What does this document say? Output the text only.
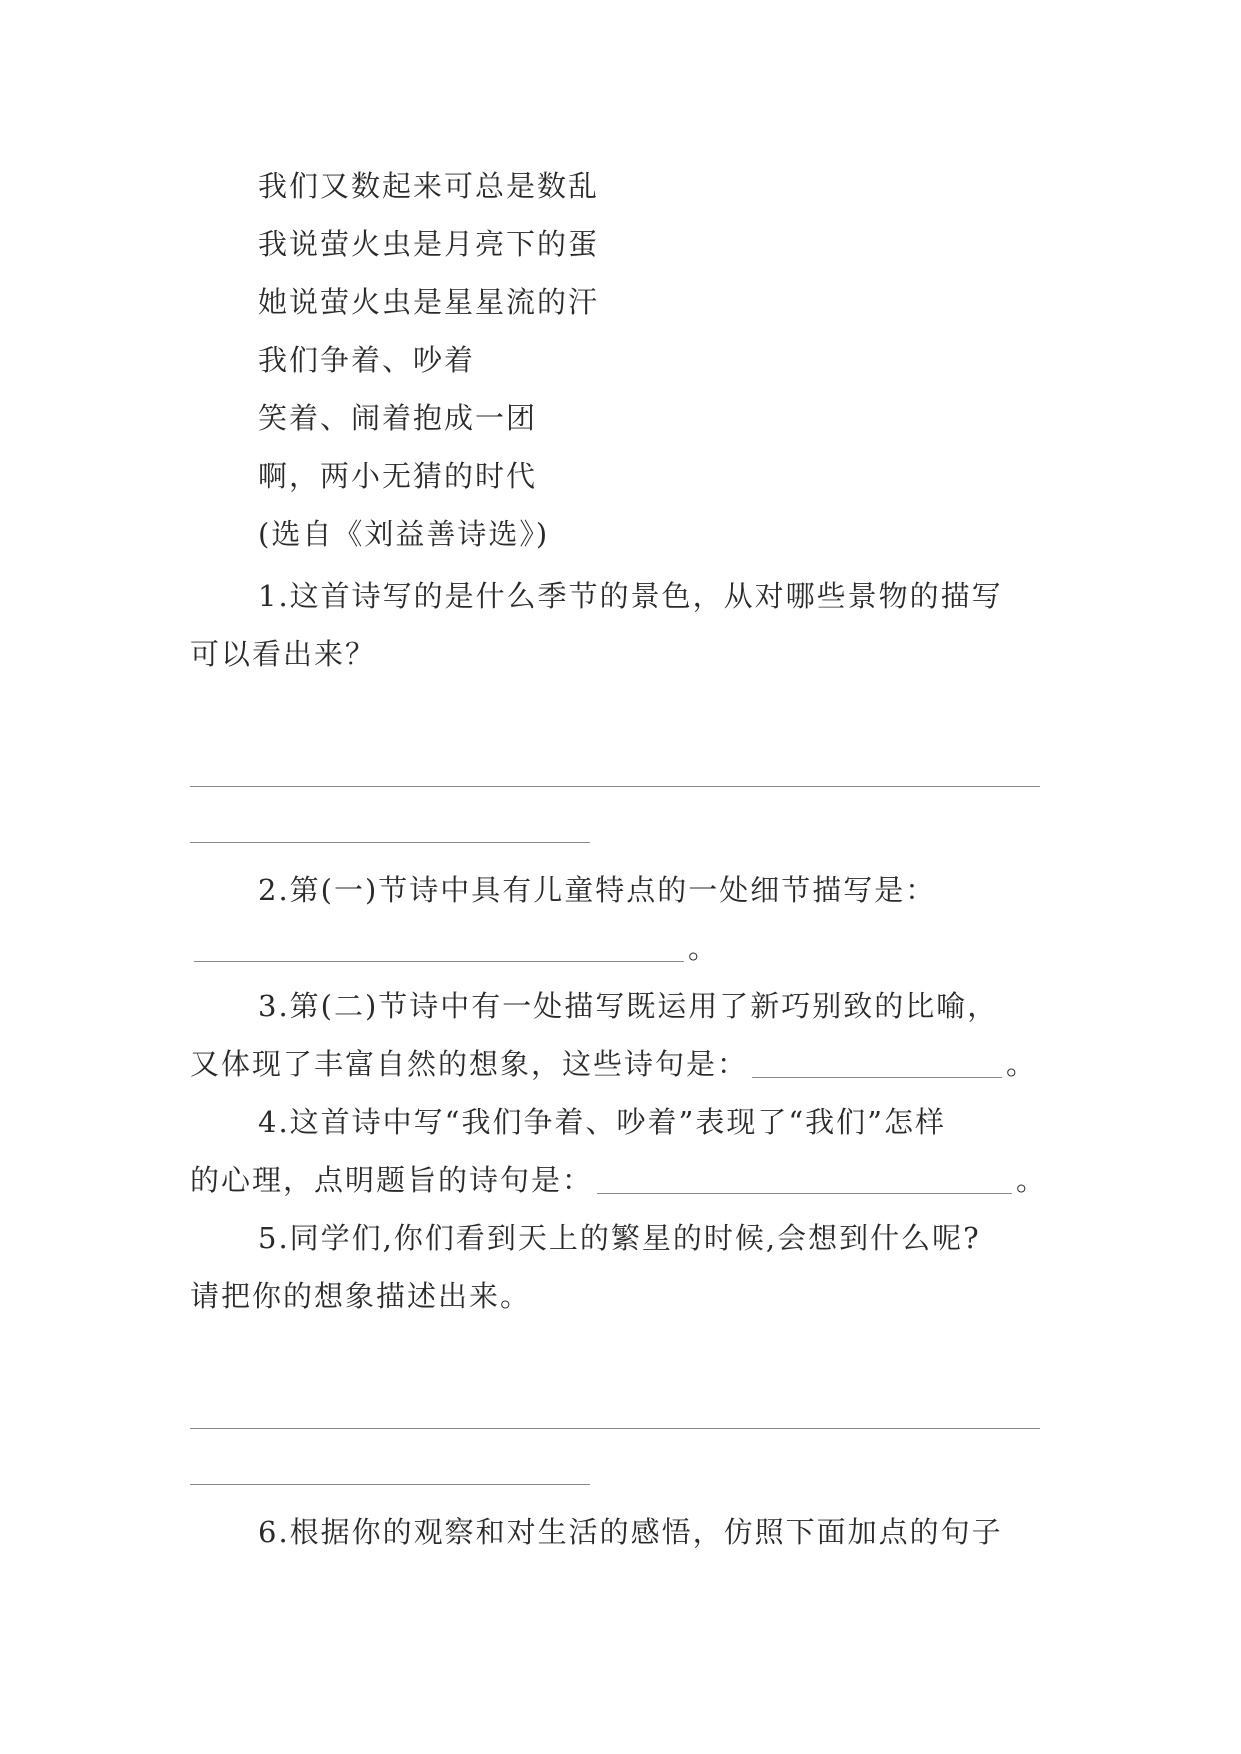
我们又数起来可总是数乱
我说萤火虫是月亮下的蛋
她说萤火虫是星星流的汗
我们争着、吵着
笑着、闹着抱成一团
啊，两小无猜的时代
(选自《刘益善诗选》)
1.这首诗写的是什么季节的景色，从对哪些景物的描写
可以看出来？
2.第(一)节诗中具有儿童特点的一处细节描写是：
。
3.第(二)节诗中有一处描写既运用了新巧别致的比喻，
又体现了丰富自然的想象，这些诗句是：	。
4.这首诗中写“我们争着、吵着”表现了“我们”怎样
的心理，点明题旨的诗句是：	。
5.同学们,你们看到天上的繁星的时候,会想到什么呢?
请把你的想象描述出来。
6.根据你的观察和对生活的感悟，仿照下面加点的句子
